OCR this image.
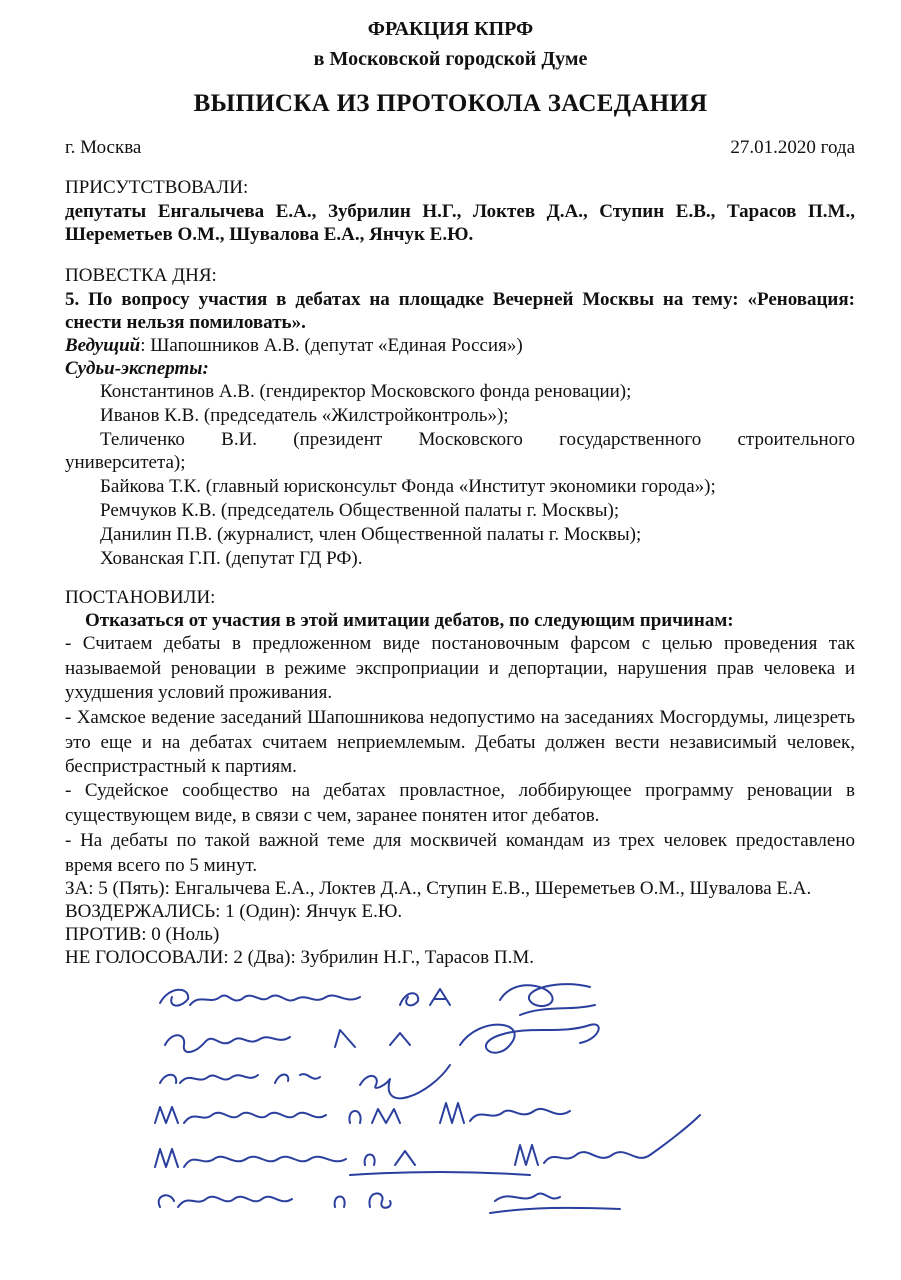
ФРАКЦИЯ КПРФ
в Московской городской Думе
ВЫПИСКА ИЗ ПРОТОКОЛА ЗАСЕДАНИЯ
г. Москва	27.01.2020 года
ПРИСУТСТВОВАЛИ:
депутаты Енгалычева Е.А., Зубрилин Н.Г., Локтев Д.А., Ступин Е.В., Тарасов П.М.,
Шереметьев О.М., Шувалова Е.А., Янчук Е.Ю.
ПОВЕСТКА ДНЯ:
5. По вопросу участия в дебатах на площадке Вечерней Москвы на тему: «Реновация:
снести нельзя помиловать».
Ведущий: Шапошников А.В. (депутат «Единая Россия»)
Судьи-эксперты:
Константинов А.В. (гендиректор Московского фонда реновации);
Иванов К.В. (председатель «Жилстройконтроль»);
Теличенко В.И. (президент Московского государственного строительного
университета);
Байкова Т.К. (главный юрисконсульт Фонда «Институт экономики города»);
Ремчуков К.В. (председатель Общественной палаты г. Москвы);
Данилин П.В. (журналист, член Общественной палаты г. Москвы);
Хованская Г.П. (депутат ГД РФ).
ПОСТАНОВИЛИ:
Отказаться от участия в этой имитации дебатов, по следующим причинам:
- Считаем дебаты в предложенном виде постановочным фарсом с целью проведения так называемой реновации в режиме экспроприации и депортации, нарушения прав человека и ухудшения условий проживания.
- Хамское ведение заседаний Шапошникова недопустимо на заседаниях Мосгордумы, лицезреть это еще и на дебатах считаем неприемлемым. Дебаты должен вести независимый человек, беспристрастный к партиям.
- Судейское сообщество на дебатах провластное, лоббирующее программу реновации в существующем виде, в связи с чем, заранее понятен итог дебатов.
- На дебаты по такой важной теме для москвичей командам из трех человек предоставлено время всего по 5 минут.
ЗА: 5 (Пять): Енгалычева Е.А., Локтев Д.А., Ступин Е.В., Шереметьев О.М., Шувалова Е.А.
ВОЗДЕРЖАЛИСЬ: 1 (Один): Янчук Е.Ю.
ПРОТИВ: 0 (Ноль)
НЕ ГОЛОСОВАЛИ: 2 (Два): Зубрилин Н.Г., Тарасов П.М.
